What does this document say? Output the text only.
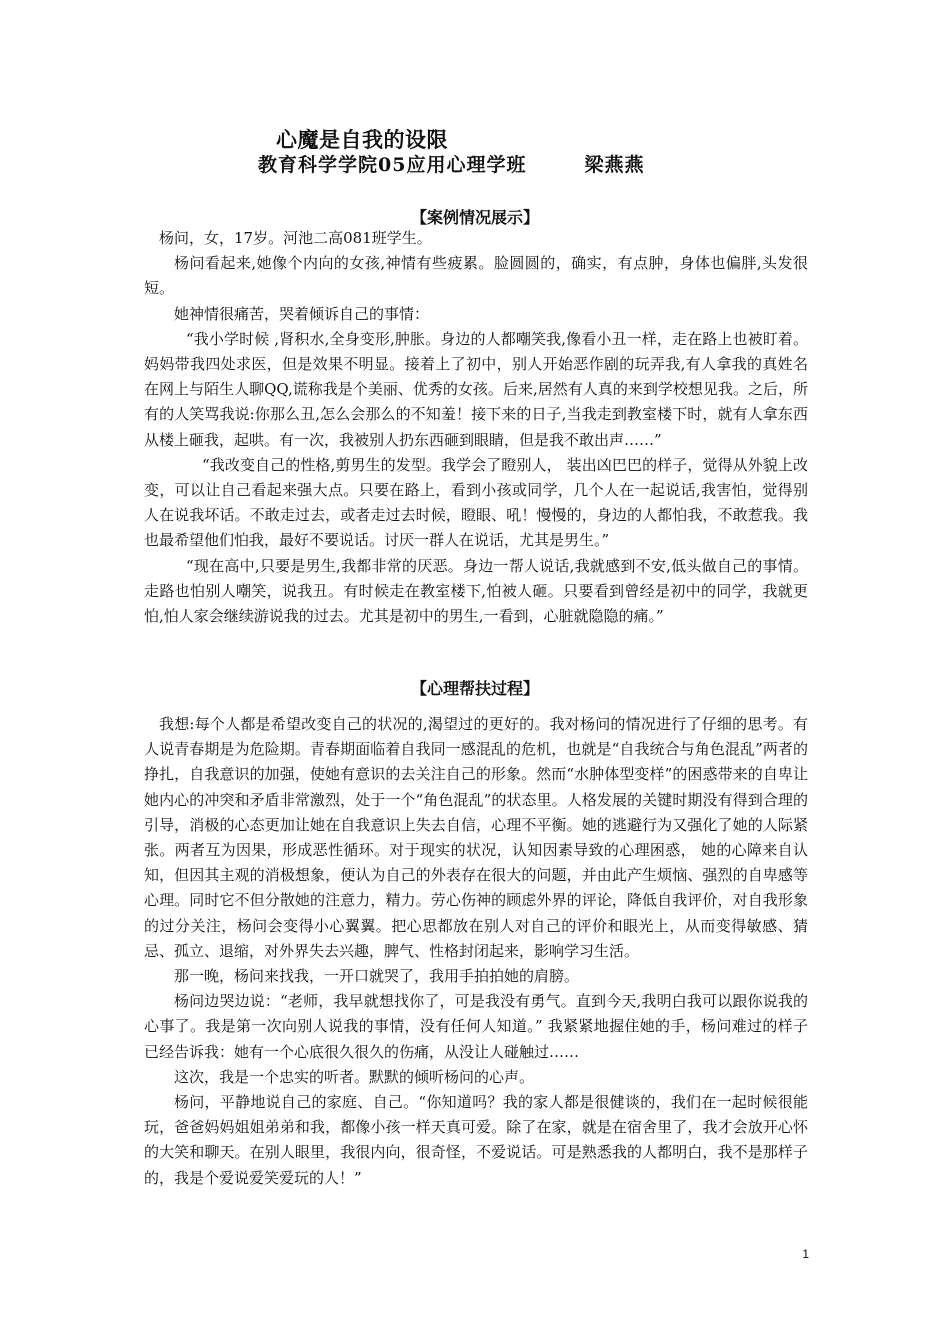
心魔是自我的设限
教育科学学院05应用心理学班	梁燕燕
【案例情况展示】

杨问，女，17岁。河池二高081班学生。

杨问看起来,她像个内向的女孩,神情有些疲累。脸圆圆的，确实，有点肿，身体也偏胖,头发很短。

她神情很痛苦，哭着倾诉自己的事情：

“我小学时候 ,肾积水,全身变形,肿胀。身边的人都嘲笑我,像看小丑一样，走在路上也被盯着。妈妈带我四处求医，但是效果不明显。接着上了初中，别人开始恶作剧的玩弄我,有人拿我的真姓名在网上与陌生人聊QQ,谎称我是个美丽、优秀的女孩。后来,居然有人真的来到学校想见我。之后，所有的人笑骂我说:你那么丑,怎么会那么的不知羞！接下来的日子,当我走到教室楼下时，就有人拿东西从楼上砸我，起哄。有一次，我被别人扔东西砸到眼睛，但是我不敢出声……”

“我改变自己的性格,剪男生的发型。我学会了瞪别人， 装出凶巴巴的样子，觉得从外貌上改变，可以让自己看起来强大点。只要在路上，看到小孩或同学，几个人在一起说话,我害怕，觉得别人在说我坏话。不敢走过去，或者走过去时候，瞪眼、吼！慢慢的，身边的人都怕我，不敢惹我。我也最希望他们怕我，最好不要说话。讨厌一群人在说话，尤其是男生。”

“现在高中,只要是男生,我都非常的厌恶。身边一帮人说话,我就感到不安,低头做自己的事情。走路也怕别人嘲笑，说我丑。有时候走在教室楼下,怕被人砸。只要看到曾经是初中的同学，我就更怕,怕人家会继续游说我的过去。尤其是初中的男生,一看到，心脏就隐隐的痛。”

【心理帮扶过程】

我想:每个人都是希望改变自己的状况的,渴望过的更好的。我对杨问的情况进行了仔细的思考。有人说青春期是为危险期。青春期面临着自我同一感混乱的危机，也就是“自我统合与角色混乱”两者的挣扎，自我意识的加强，使她有意识的去关注自己的形象。然而“水肿体型变样”的困惑带来的自卑让她内心的冲突和矛盾非常激烈，处于一个“角色混乱”的状态里。人格发展的关键时期没有得到合理的引导，消极的心态更加让她在自我意识上失去自信，心理不平衡。她的逃避行为又强化了她的人际紧张。两者互为因果，形成恶性循环。对于现实的状况，认知因素导致的心理困惑， 她的心障来自认知，但因其主观的消极想象，便认为自己的外表存在很大的问题，并由此产生烦恼、强烈的自卑感等心理。同时它不但分散她的注意力，精力。劳心伤神的顾虑外界的评论，降低自我评价，对自我形象的过分关注，杨问会变得小心翼翼。把心思都放在别人对自己的评价和眼光上，从而变得敏感、猜忌、孤立、退缩，对外界失去兴趣，脾气、性格封闭起来，影响学习生活。

那一晚，杨问来找我，一开口就哭了，我用手拍拍她的肩膀。

杨问边哭边说：“老师，我早就想找你了，可是我没有勇气。直到今天,我明白我可以跟你说我的心事了。我是第一次向别人说我的事情，没有任何人知道。” 我紧紧地握住她的手，杨问难过的样子已经告诉我：她有一个心底很久很久的伤痛，从没让人碰触过……

这次，我是一个忠实的听者。默默的倾听杨问的心声。

杨问，平静地说自己的家庭、自己。“你知道吗？我的家人都是很健谈的，我们在一起时候很能玩，爸爸妈妈姐姐弟弟和我，都像小孩一样天真可爱。除了在家，就是在宿舍里了，我才会放开心怀的大笑和聊天。在别人眼里，我很内向，很奇怪，不爱说话。可是熟悉我的人都明白，我不是那样子的，我是个爱说爱笑爱玩的人！”

1
